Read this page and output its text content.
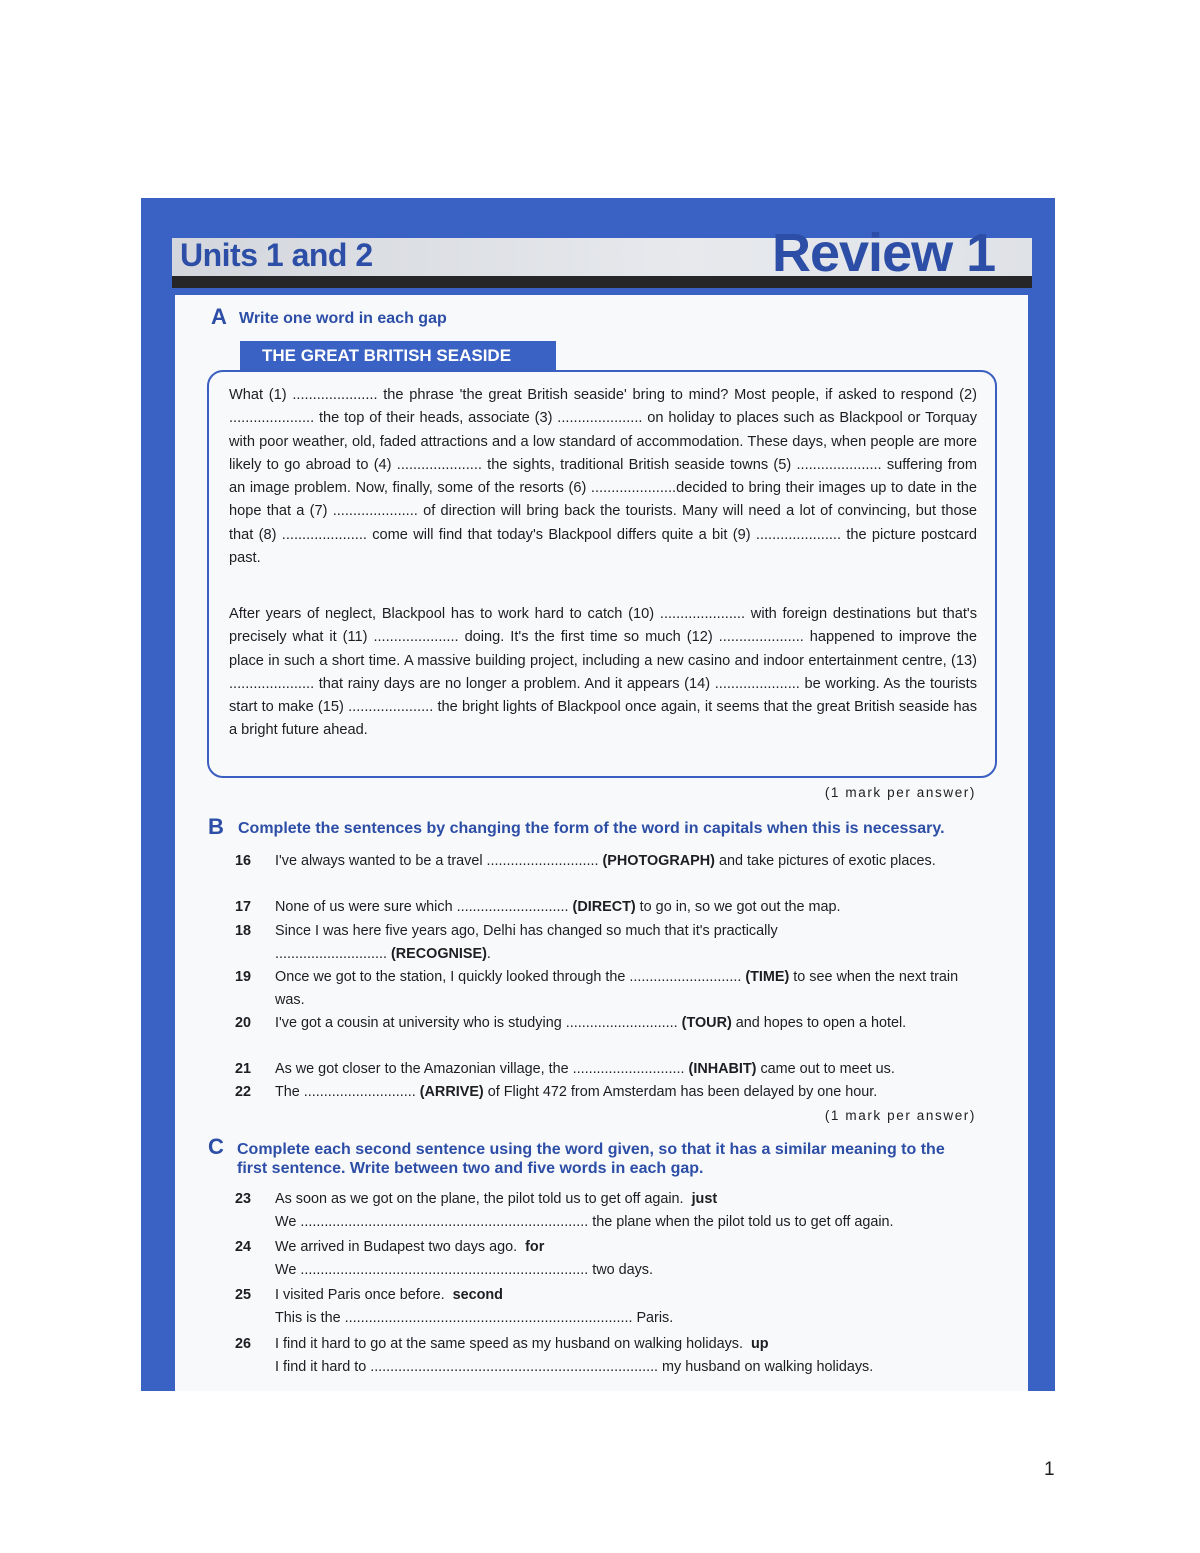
Units 1 and 2	Review 1
A Write one word in each gap
THE GREAT BRITISH SEASIDE

What (1) ..................... the phrase 'the great British seaside' bring to mind? Most people, if asked to respond (2) ..................... the top of their heads, associate (3) ..................... on holiday to places such as Blackpool or Torquay with poor weather, old, faded attractions and a low standard of accommodation. These days, when people are more likely to go abroad to (4) ..................... the sights, traditional British seaside towns (5) ..................... suffering from an image problem. Now, finally, some of the resorts (6) .....................decided to bring their images up to date in the hope that a (7) ..................... of direction will bring back the tourists. Many will need a lot of convincing, but those that (8) ..................... come will find that today's Blackpool differs quite a bit (9) ..................... the picture postcard past.

After years of neglect, Blackpool has to work hard to catch (10) ..................... with foreign destinations but that's precisely what it (11) ..................... doing. It's the first time so much (12) ..................... happened to improve the place in such a short time. A massive building project, including a new casino and indoor entertainment centre, (13) ..................... that rainy days are no longer a problem. And it appears (14) ..................... be working. As the tourists start to make (15) ..................... the bright lights of Blackpool once again, it seems that the great British seaside has a bright future ahead.

(1 mark per answer)
B Complete the sentences by changing the form of the word in capitals when this is necessary.
16 I've always wanted to be a travel ............................ (PHOTOGRAPH) and take pictures of exotic places.
17 None of us were sure which ............................ (DIRECT) to go in, so we got out the map.
18 Since I was here five years ago, Delhi has changed so much that it's practically ............................ (RECOGNISE).
19 Once we got to the station, I quickly looked through the ............................ (TIME) to see when the next train was.
20 I've got a cousin at university who is studying ............................ (TOUR) and hopes to open a hotel.
21 As we got closer to the Amazonian village, the ............................ (INHABIT) came out to meet us.
22 The ............................ (ARRIVE) of Flight 472 from Amsterdam has been delayed by one hour.
(1 mark per answer)
C Complete each second sentence using the word given, so that it has a similar meaning to the first sentence. Write between two and five words in each gap.
23 As soon as we got on the plane, the pilot told us to get off again. just
We ........................................................................ the plane when the pilot told us to get off again.
24 We arrived in Budapest two days ago. for
We ........................................................................ two days.
25 I visited Paris once before. second
This is the ........................................................................ Paris.
26 I find it hard to go at the same speed as my husband on walking holidays. up
I find it hard to ........................................................................ my husband on walking holidays.
1
